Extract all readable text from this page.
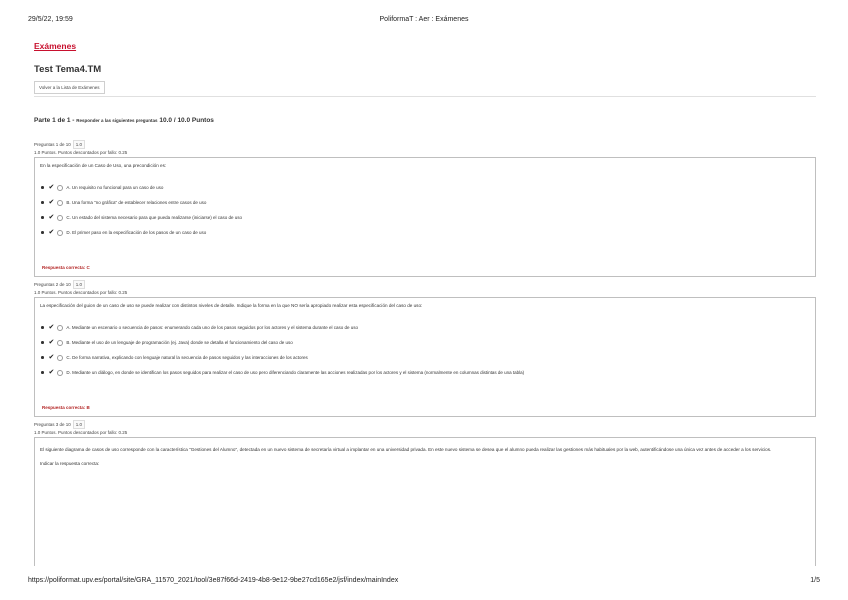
29/5/22, 19:59	PoliformaT : Aer : Exámenes
Exámenes
Test Tema4.TM
Volver a la Lista de Exámenes
Parte 1 de 1 - Responder a las siguientes preguntas 10.0 / 10.0 Puntos
Preguntas 1 de 10 1.0
1.0 Puntos. Puntos descontados por fallo: 0.25
En la especificación de un Caso de Uso, una precondición es:
✔	A. Un requisito no funcional para un caso de uso
✔	B. Una forma "no gráfica" de establecer relaciones entre casos de uso
✔	C. Un estado del sistema necesario para que pueda realizarse (iniciarse) el caso de uso
✔	D. El primer paso en la especificación de los pasos de un caso de uso
Respuesta correcta: C
Preguntas 2 de 10 1.0
1.0 Puntos. Puntos descontados por fallo: 0.25
La especificación del guion de un caso de uso se puede realizar con distintos niveles de detalle. Indique la forma en la que NO sería apropiado realizar esta especificación del caso de uso:
✔	A. Mediante un escenario o secuencia de pasos: enumerando cada uno de los pasos seguidos por los actores y el sistema durante el caso de uso
✔	B. Mediante el uso de un lenguaje de programación (ej. Java) donde se detalla el funcionamiento del caso de uso
✔	C. De forma narrativa, explicando con lenguaje natural la secuencia de pasos seguidos y las interacciones de los actores
✔	D. Mediante un diálogo, en donde se identifican los pasos seguidos para realizar el caso de uso pero diferenciando claramente las acciones realizadas por los actores y el sistema (normalmente en columnas distintas de una tabla)
Respuesta correcta: B
Preguntas 3 de 10 1.0
1.0 Puntos. Puntos descontados por fallo: 0.25
El siguiente diagrama de casos de uso corresponde con la característica "Gestiones del Alumno", detectada en un nuevo sistema de secretaría virtual a implantar en una universidad privada. En este nuevo sistema se desea que el alumno pueda realizar las gestiones más habituales por la web, autentificándose una única vez antes de acceder a los servicios.
Indicar la respuesta correcta:
https://poliformat.upv.es/portal/site/GRA_11570_2021/tool/3e87f66d-2419-4b8-9e12-9be27cd165e2/jsf/index/mainIndex	1/5
